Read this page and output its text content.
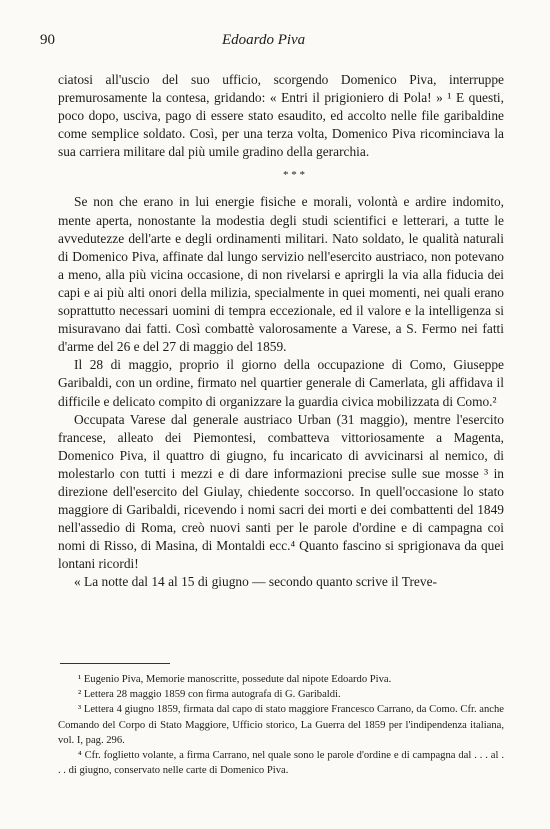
90	Edoardo Piva

ciatosi all'uscio del suo ufficio, scorgendo Domenico Piva, interruppe premurosamente la contesa, gridando: « Entri il prigioniero di Pola! » ¹ E questi, poco dopo, usciva, pago di essere stato esaudito, ed accolto nelle file garibaldine come semplice soldato. Così, per una terza volta, Domenico Piva ricominciava la sua carriera militare dal più umile gradino della gerarchia.

* * *

Se non che erano in lui energie fisiche e morali, volontà e ardire indomito, mente aperta, nonostante la modestia degli studi scientifici e letterari, a tutte le avvedutezze dell'arte e degli ordinamenti militari. Nato soldato, le qualità naturali di Domenico Piva, affinate dal lungo servizio nell'esercito austriaco, non potevano a meno, alla più vicina occasione, di non rivelarsi e aprirgli la via alla fiducia dei capi e ai più alti onori della milizia, specialmente in quei momenti, nei quali erano soprattutto necessari uomini di tempra eccezionale, ed il valore e la intelligenza si misuravano dai fatti. Così combattè valorosamente a Varese, a S. Fermo nei fatti d'arme del 26 e del 27 di maggio del 1859.

Il 28 di maggio, proprio il giorno della occupazione di Como, Giuseppe Garibaldi, con un ordine, firmato nel quartier generale di Camerlata, gli affidava il difficile e delicato compito di organizzare la guardia civica mobilizzata di Como.²

Occupata Varese dal generale austriaco Urban (31 maggio), mentre l'esercito francese, alleato dei Piemontesi, combatteva vittoriosamente a Magenta, Domenico Piva, il quattro di giugno, fu incaricato di avvicinarsi al nemico, di molestarlo con tutti i mezzi e di dare informazioni precise sulle sue mosse ³ in direzione dell'esercito del Giulay, chiedente soccorso. In quell'occasione lo stato maggiore di Garibaldi, ricevendo i nomi sacri dei morti e dei combattenti del 1849 nell'assedio di Roma, creò nuovi santi per le parole d'ordine e di campagna coi nomi di Risso, di Masina, di Montaldi ecc.⁴ Quanto fascino si sprigionava da quei lontani ricordi!

« La notte dal 14 al 15 di giugno — secondo quanto scrive il Treve-

¹ Eugenio Piva, Memorie manoscritte, possedute dal nipote Edoardo Piva.

² Lettera 28 maggio 1859 con firma autografa di G. Garibaldi.

³ Lettera 4 giugno 1859, firmata dal capo di stato maggiore Francesco Carrano, da Como. Cfr. anche Comando del Corpo di Stato Maggiore, Ufficio storico, La Guerra del 1859 per l'indipendenza italiana, vol. I, pag. 296.

⁴ Cfr. foglietto volante, a firma Carrano, nel quale sono le parole d'ordine e di campagna dal . . . al . . . di giugno, conservato nelle carte di Domenico Piva.
